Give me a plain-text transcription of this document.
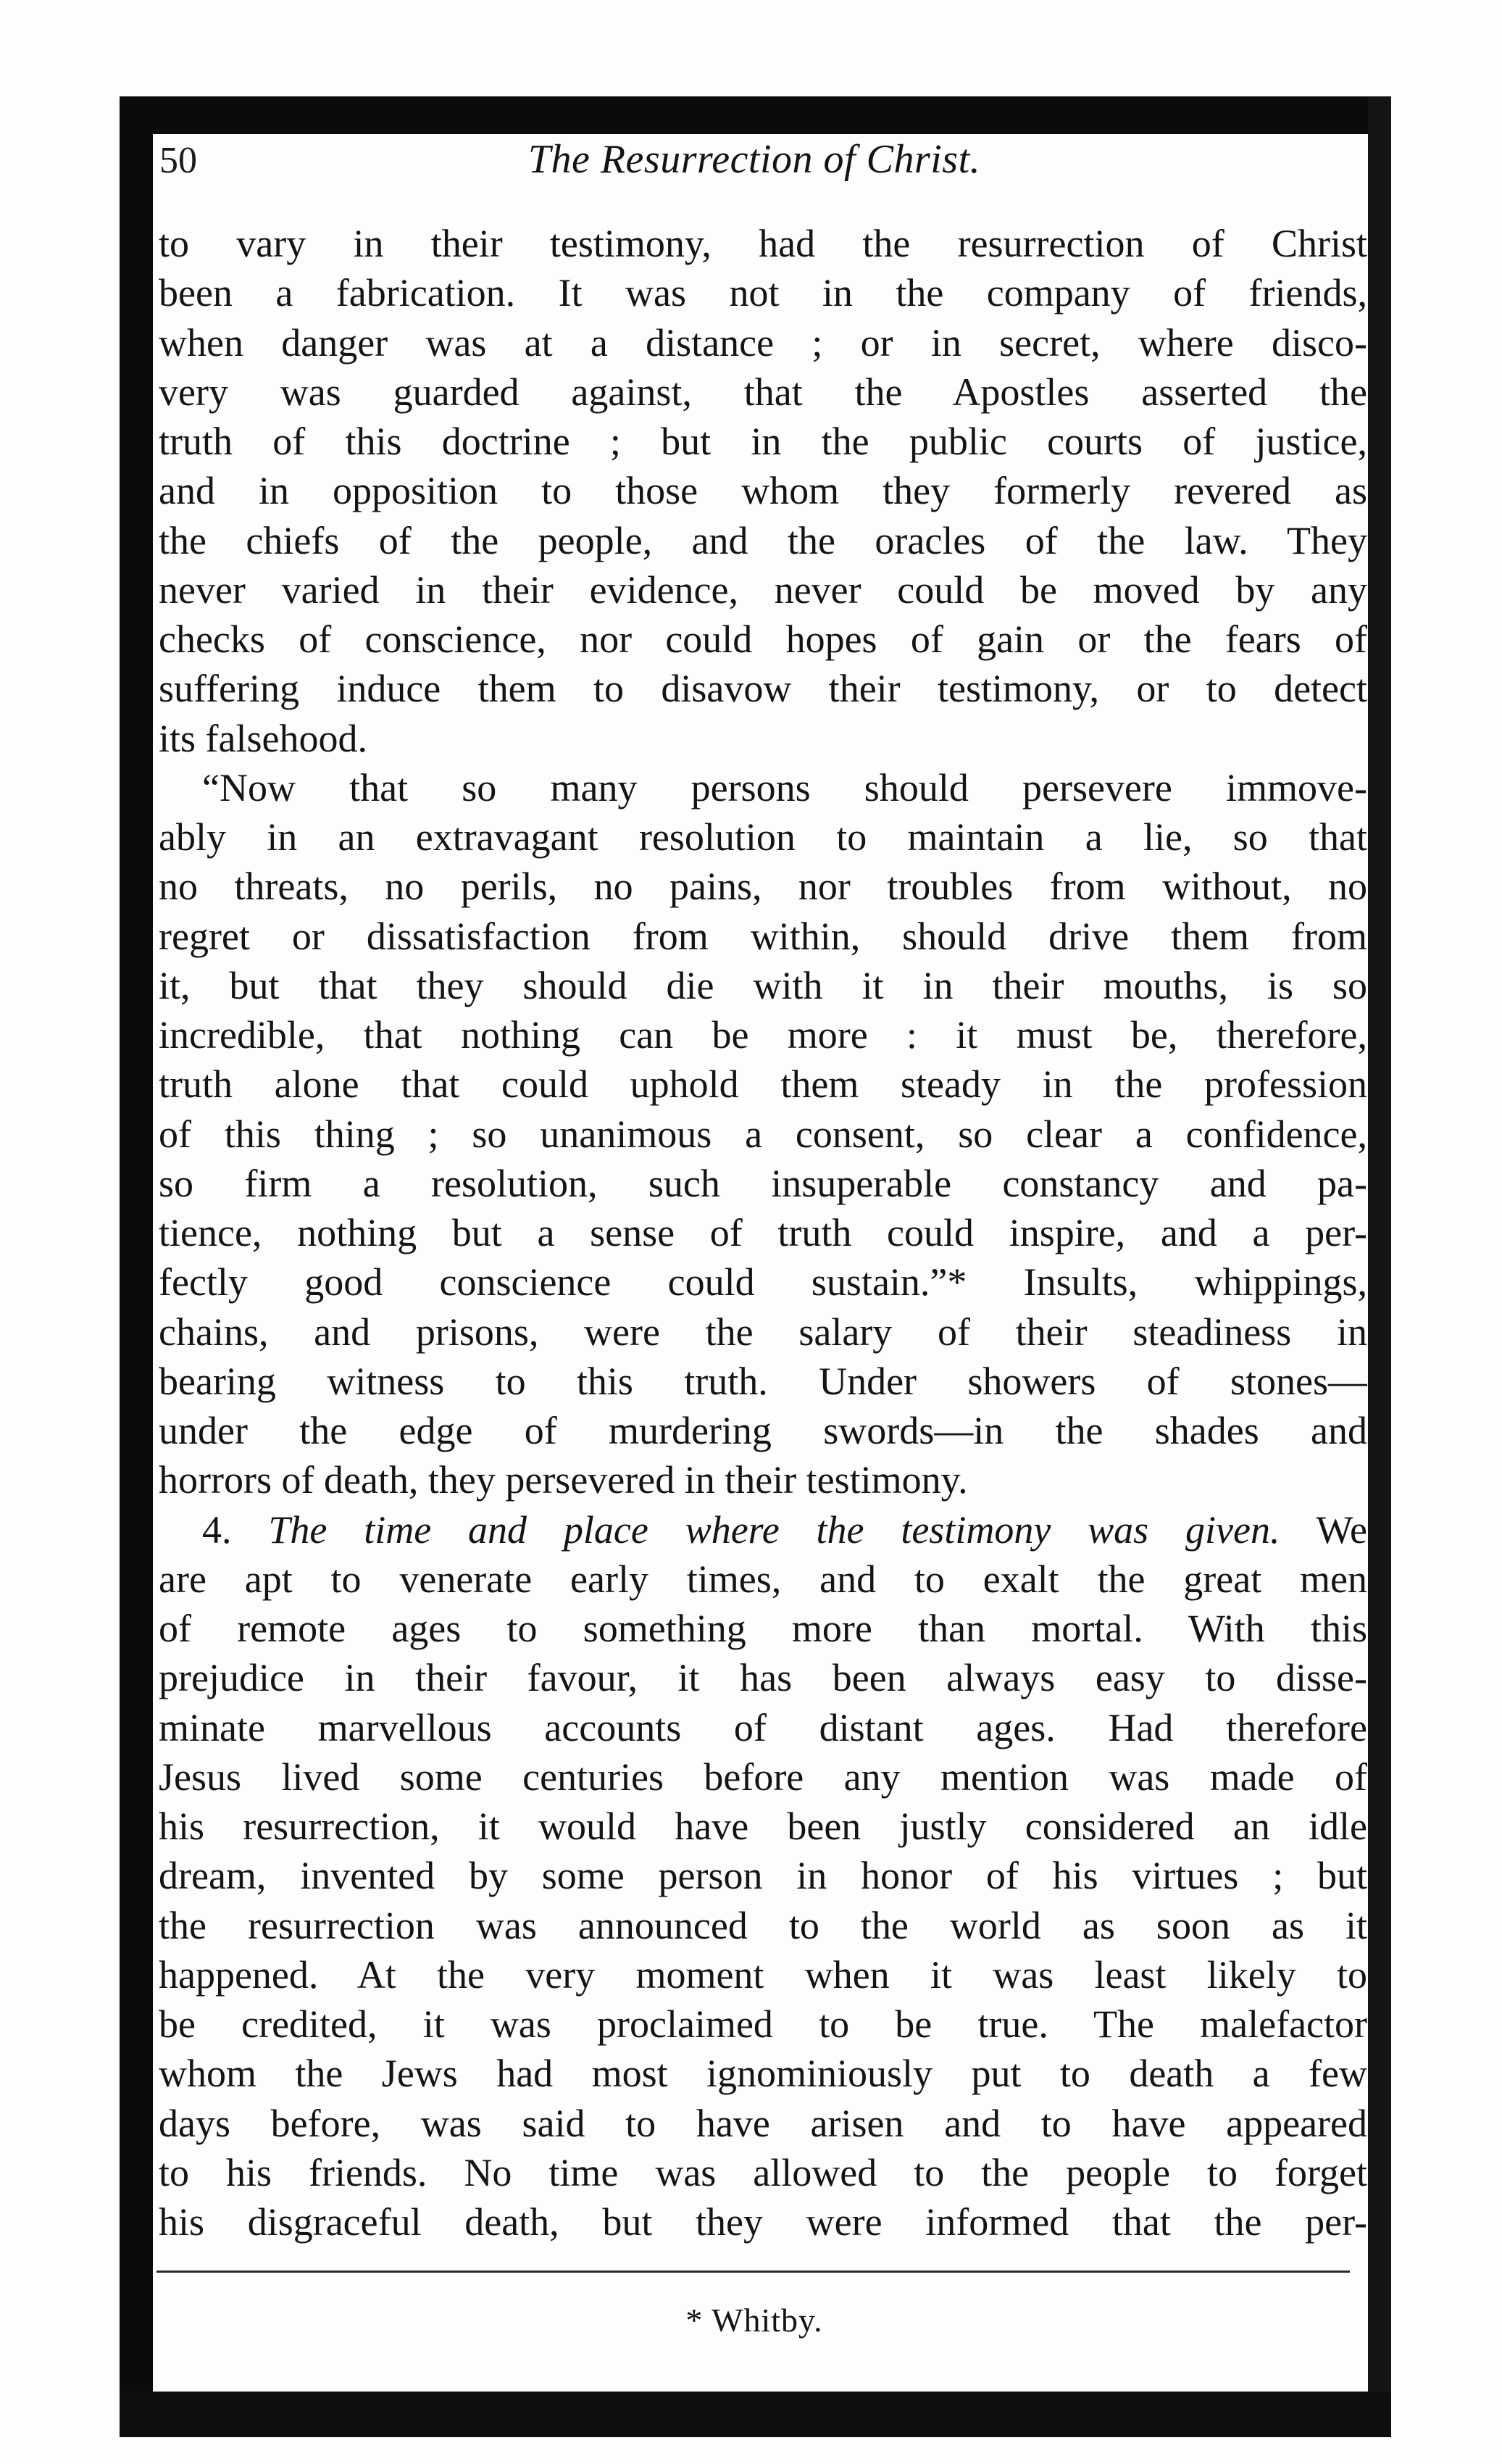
50	The Resurrection of Christ.
to vary in their testimony, had the resurrection of Christ
been a fabrication. It was not in the company of friends,
when danger was at a distance ; or in secret, where disco-
very was guarded against, that the Apostles asserted the
truth of this doctrine ; but in the public courts of justice,
and in opposition to those whom they formerly revered as
the chiefs of the people, and the oracles of the law. They
never varied in their evidence, never could be moved by any
checks of conscience, nor could hopes of gain or the fears of
suffering induce them to disavow their testimony, or to detect
its falsehood.
“Now that so many persons should persevere immove-
ably in an extravagant resolution to maintain a lie, so that
no threats, no perils, no pains, nor troubles from without, no
regret or dissatisfaction from within, should drive them from
it, but that they should die with it in their mouths, is so
incredible, that nothing can be more : it must be, therefore,
truth alone that could uphold them steady in the profession
of this thing ; so unanimous a consent, so clear a confidence,
so firm a resolution, such insuperable constancy and pa-
tience, nothing but a sense of truth could inspire, and a per-
fectly good conscience could sustain.”* Insults, whippings,
chains, and prisons, were the salary of their steadiness in
bearing witness to this truth. Under showers of stones—
under the edge of murdering swords—in the shades and
horrors of death, they persevered in their testimony.
4. The time and place where the testimony was given. We
are apt to venerate early times, and to exalt the great men
of remote ages to something more than mortal. With this
prejudice in their favour, it has been always easy to disse-
minate marvellous accounts of distant ages. Had therefore
Jesus lived some centuries before any mention was made of
his resurrection, it would have been justly considered an idle
dream, invented by some person in honor of his virtues ; but
the resurrection was announced to the world as soon as it
happened. At the very moment when it was least likely to
be credited, it was proclaimed to be true. The malefactor
whom the Jews had most ignominiously put to death a few
days before, was said to have arisen and to have appeared
to his friends. No time was allowed to the people to forget
his disgraceful death, but they were informed that the per-
* Whitby.
